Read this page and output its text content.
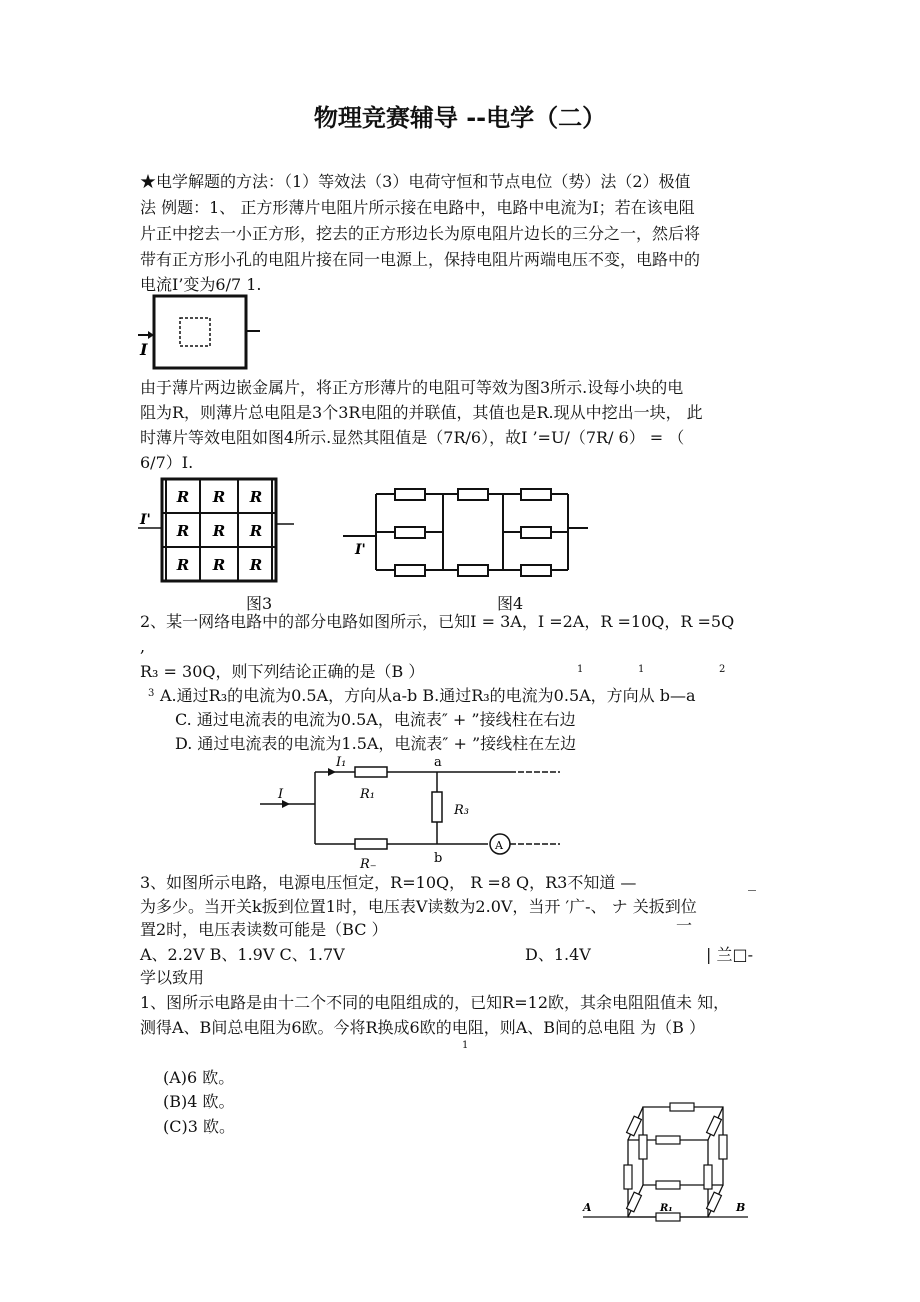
物理竞赛辅导 --电学（二）
★电学解题的方法：（1）等效法（3）电荷守恒和节点电位（势）法（2）极值
法 例题：1、 正方形薄片电阻片所示接在电路中，电路中电流为I；若在该电阻
片正中挖去一小正方形，挖去的正方形边长为原电阻片边长的三分之一，然后将
带有正方形小孔的电阻片接在同一电源上，保持电阻片两端电压不变，电路中的
电流I’变为6/7 1.
I
由于薄片两边嵌金属片，将正方形薄片的电阻可等效为图3所示.设每小块的电
阻为R，则薄片总电阻是3个3R电阻的并联值，其值也是R.现从中挖出一块， 此
时薄片等效电阻如图4所示.显然其阻值是（7R/6），故I ’=U/（7R/ 6） = （
6/7）I.
I'
R R R
R R R
R R R
I'
图3	图4
2、某一网络电路中的部分电路如图所示，已知I = 3A，I =2A，R =10Q，R =5Q
,
R₃ = 30Q，则下列结论正确的是（B ）	1	1	2
3 A.通过R₃的电流为0.5A，方向从a-b B.通过R₃的电流为0.5A，方向从 b—a
C. 通过电流表的电流为0.5A，电流表″ + ”接线柱在右边
D. 通过电流表的电流为1.5A，电流表″ + ”接线柱在左边
I
I₁
R₁
R₋
R₃
a
b
A
3、如图所示电路，电源电压恒定，R=10Q， R =8 Q，R3不知道 —	_
为多少。当开关k扳到位置1时，电压表V读数为2.0V，当开 ′广-、 ナ 关扳到位
置2时，电压表读数可能是（BC ）	一
A、2.2V B、1.9V C、1.7V	D、1.4V	| 兰□-
学以致用
1、图所示电路是由十二个不同的电阻组成的，已知R=12欧，其余电阻阻值未 知，
测得A、B间总电阻为6欧。今将R换成6欧的电阻，则A、B间的总电阻 为（B ）
1
(A)6 欧。
(B)4 欧。
(C)3 欧。
A	B
R₁
